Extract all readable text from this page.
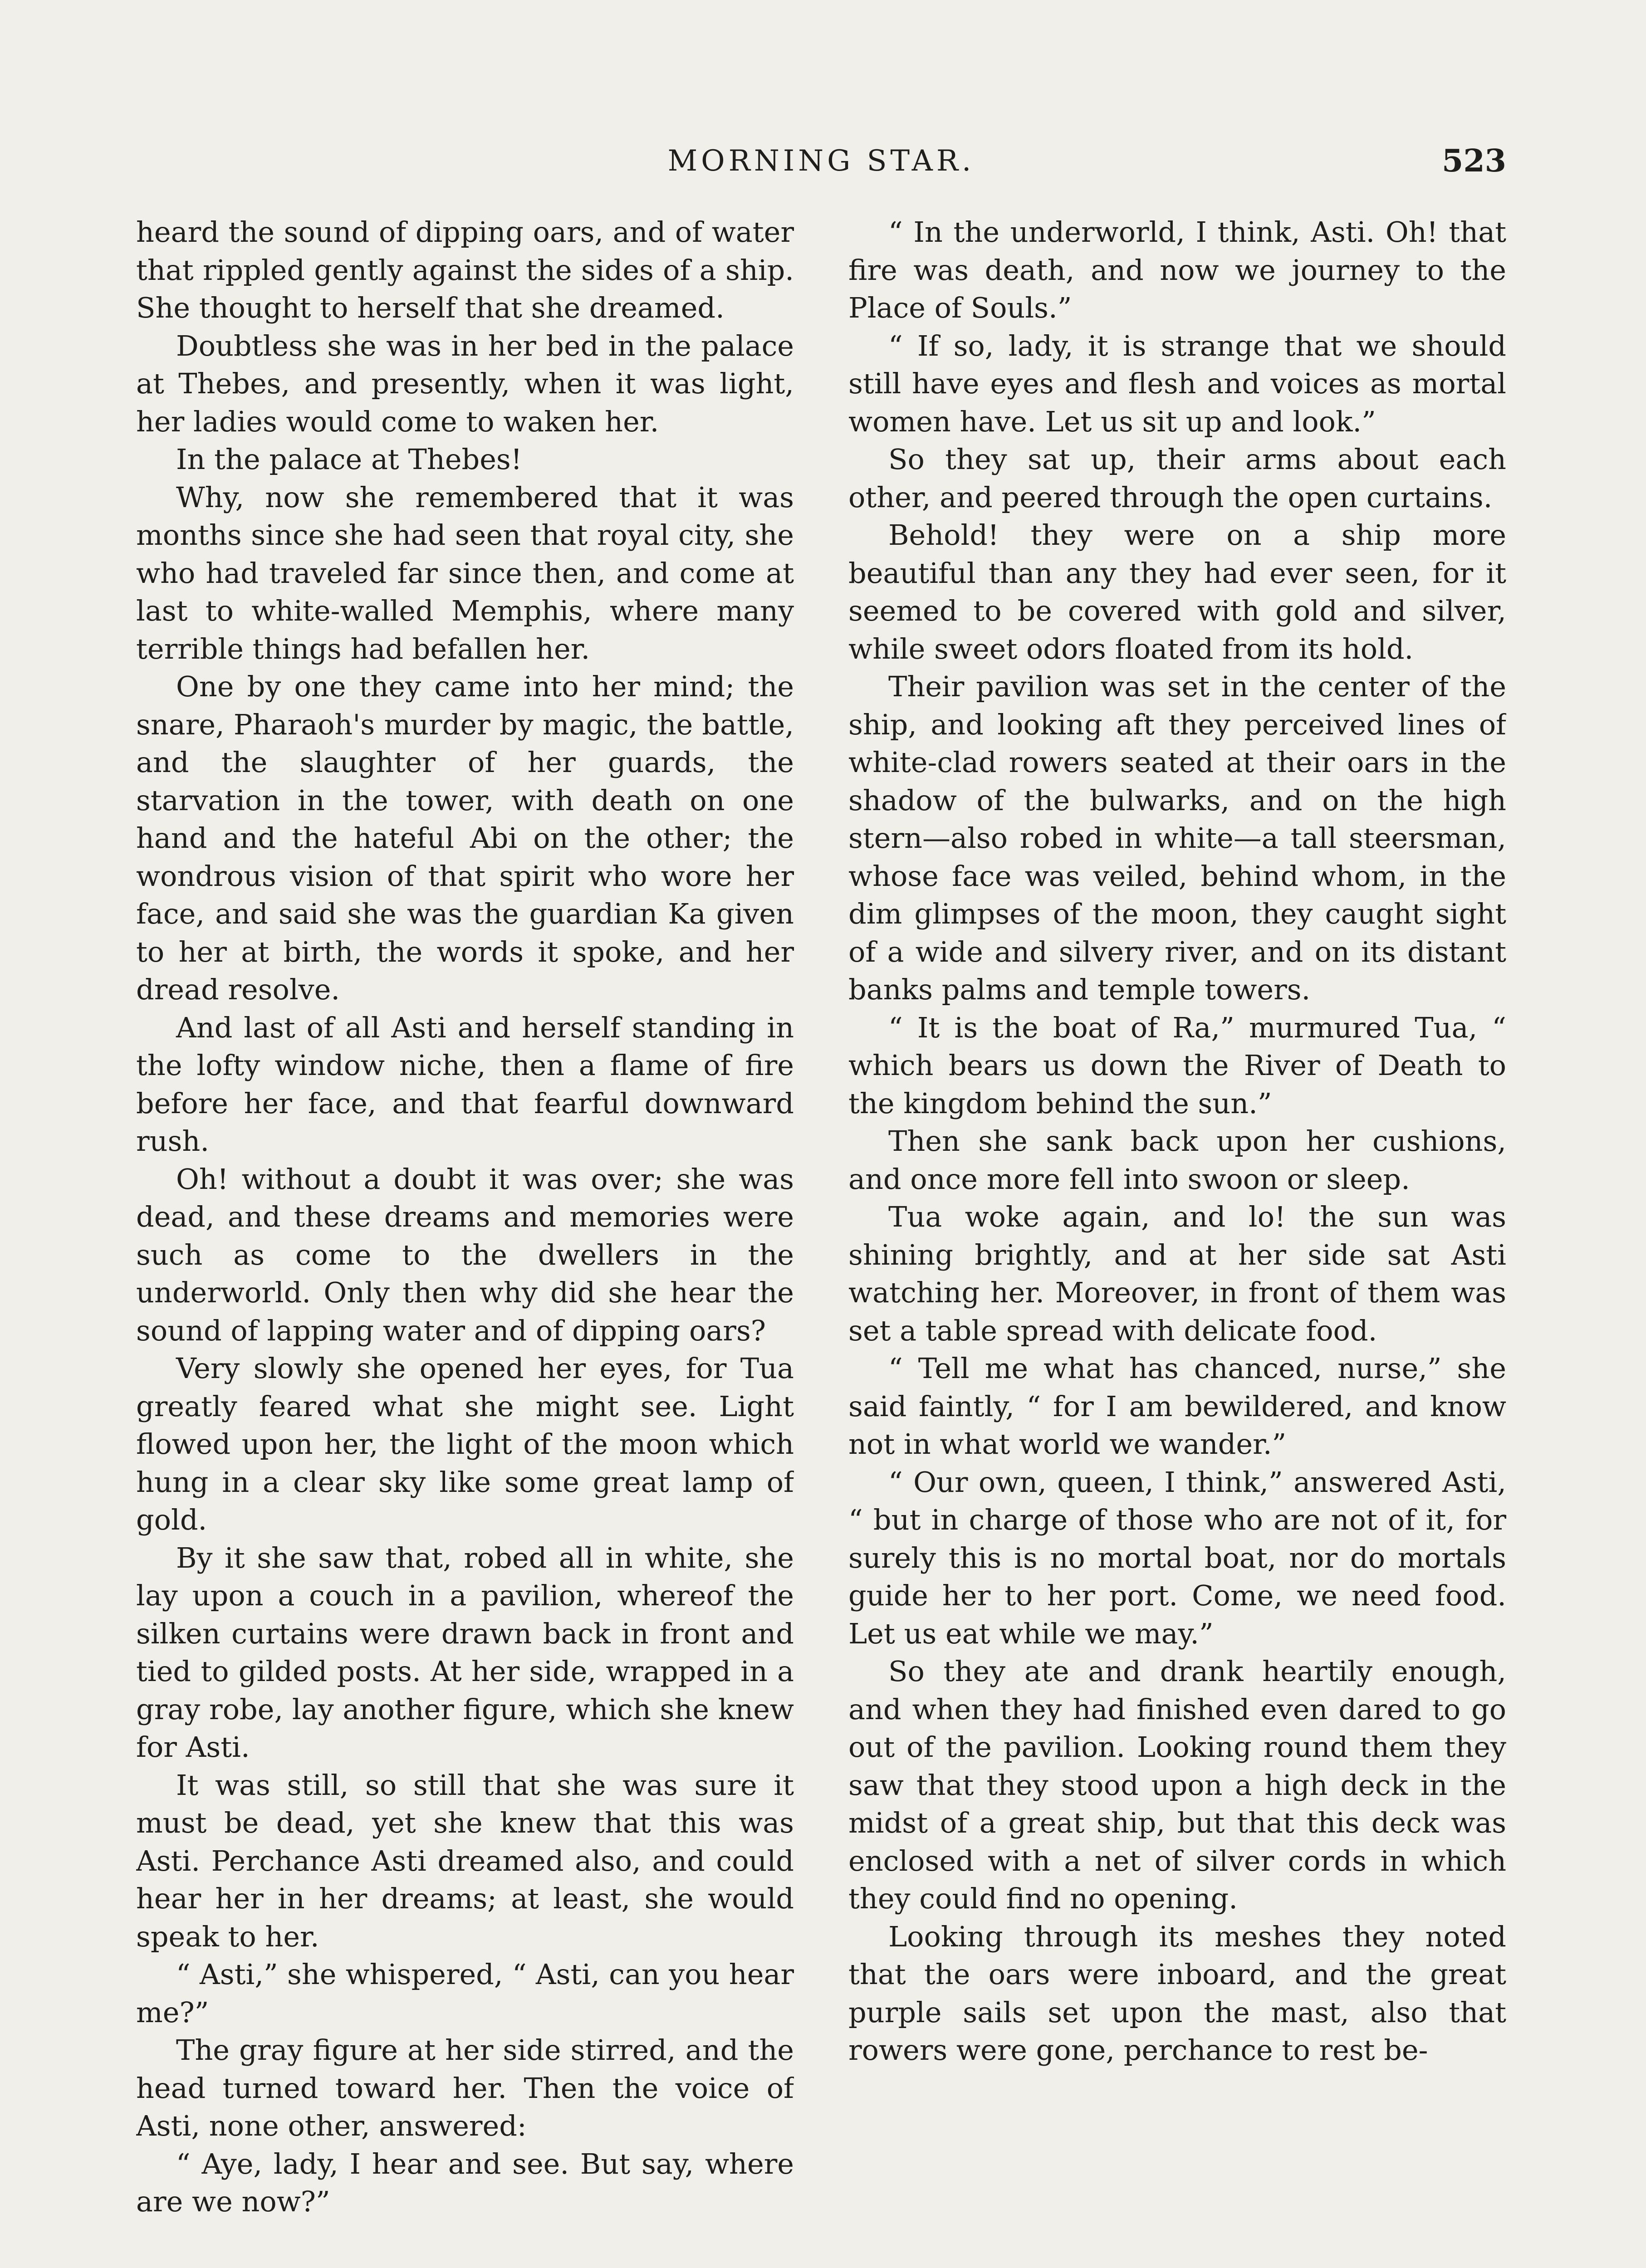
MORNING STAR.	523

heard the sound of dipping oars, and of water that rippled gently against the sides of a ship. She thought to herself that she dreamed.

Doubtless she was in her bed in the palace at Thebes, and presently, when it was light, her ladies would come to waken her.

In the palace at Thebes!

Why, now she remembered that it was months since she had seen that royal city, she who had traveled far since then, and come at last to white-walled Memphis, where many terrible things had befallen her.

One by one they came into her mind; the snare, Pharaoh's murder by magic, the battle, and the slaughter of her guards, the starvation in the tower, with death on one hand and the hateful Abi on the other; the wondrous vision of that spirit who wore her face, and said she was the guardian Ka given to her at birth, the words it spoke, and her dread resolve.

And last of all Asti and herself standing in the lofty window niche, then a flame of fire before her face, and that fearful downward rush.

Oh! without a doubt it was over; she was dead, and these dreams and memories were such as come to the dwellers in the underworld. Only then why did she hear the sound of lapping water and of dipping oars?

Very slowly she opened her eyes, for Tua greatly feared what she might see. Light flowed upon her, the light of the moon which hung in a clear sky like some great lamp of gold.

By it she saw that, robed all in white, she lay upon a couch in a pavilion, whereof the silken curtains were drawn back in front and tied to gilded posts. At her side, wrapped in a gray robe, lay another figure, which she knew for Asti.

It was still, so still that she was sure it must be dead, yet she knew that this was Asti. Perchance Asti dreamed also, and could hear her in her dreams; at least, she would speak to her.

“ Asti,” she whispered, “ Asti, can you hear me?”

The gray figure at her side stirred, and the head turned toward her. Then the voice of Asti, none other, answered:

“ Aye, lady, I hear and see. But say, where are we now?”

“ In the underworld, I think, Asti. Oh! that fire was death, and now we journey to the Place of Souls.”

“ If so, lady, it is strange that we should still have eyes and flesh and voices as mortal women have. Let us sit up and look.”

So they sat up, their arms about each other, and peered through the open curtains.

Behold! they were on a ship more beautiful than any they had ever seen, for it seemed to be covered with gold and silver, while sweet odors floated from its hold.

Their pavilion was set in the center of the ship, and looking aft they perceived lines of white-clad rowers seated at their oars in the shadow of the bulwarks, and on the high stern—also robed in white—a tall steersman, whose face was veiled, behind whom, in the dim glimpses of the moon, they caught sight of a wide and silvery river, and on its distant banks palms and temple towers.

“ It is the boat of Ra,” murmured Tua, “ which bears us down the River of Death to the kingdom behind the sun.”

Then she sank back upon her cushions, and once more fell into swoon or sleep.

Tua woke again, and lo! the sun was shining brightly, and at her side sat Asti watching her. Moreover, in front of them was set a table spread with delicate food.

“ Tell me what has chanced, nurse,” she said faintly, “ for I am bewildered, and know not in what world we wander.”

“ Our own, queen, I think,” answered Asti, “ but in charge of those who are not of it, for surely this is no mortal boat, nor do mortals guide her to her port. Come, we need food. Let us eat while we may.”

So they ate and drank heartily enough, and when they had finished even dared to go out of the pavilion. Looking round them they saw that they stood upon a high deck in the midst of a great ship, but that this deck was enclosed with a net of silver cords in which they could find no opening.

Looking through its meshes they noted that the oars were inboard, and the great purple sails set upon the mast, also that rowers were gone, perchance to rest be-
